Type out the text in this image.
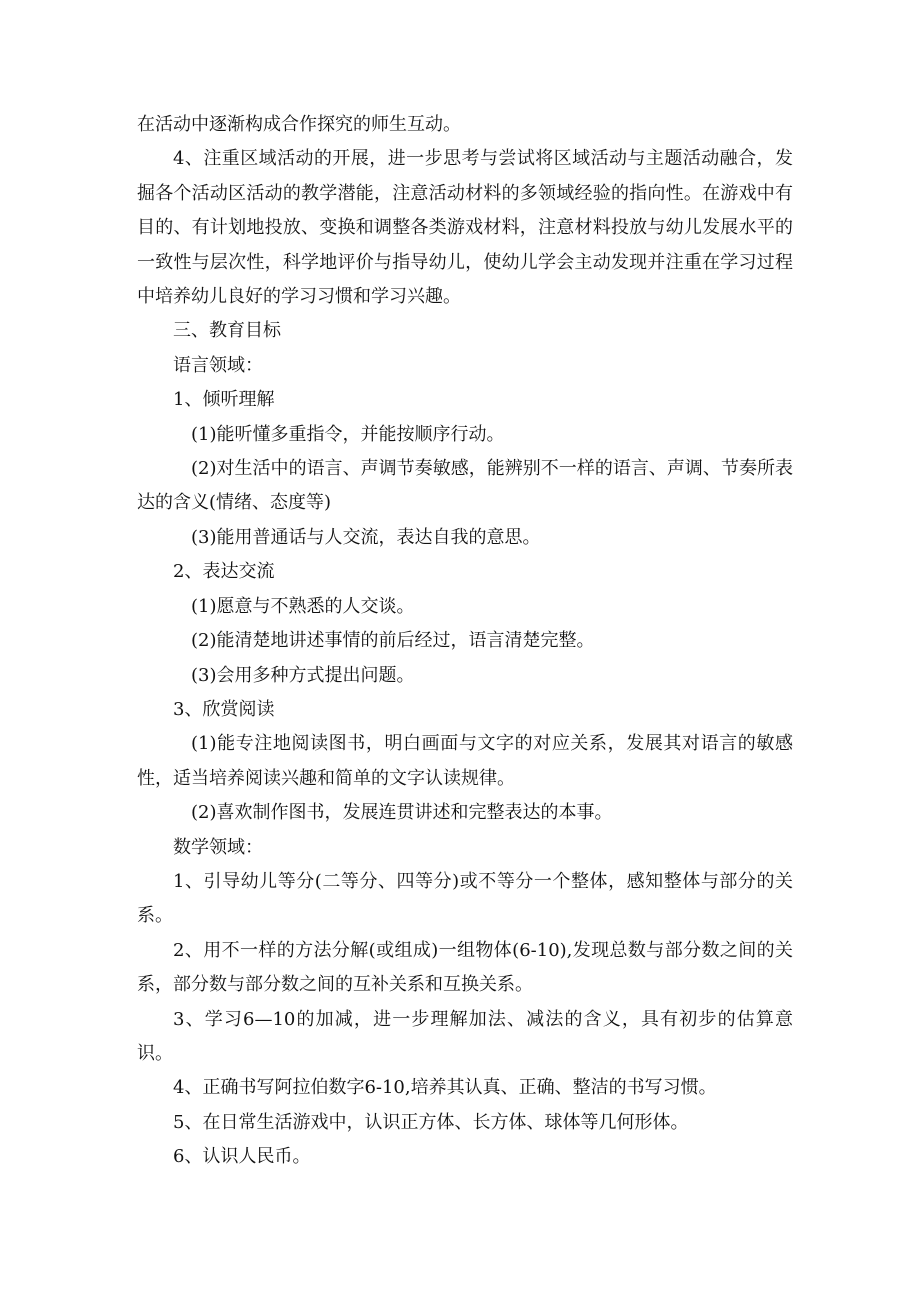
在活动中逐渐构成合作探究的师生互动。

4、注重区域活动的开展，进一步思考与尝试将区域活动与主题活动融合，发掘各个活动区活动的教学潜能，注意活动材料的多领域经验的指向性。在游戏中有目的、有计划地投放、变换和调整各类游戏材料，注意材料投放与幼儿发展水平的一致性与层次性，科学地评价与指导幼儿，使幼儿学会主动发现并注重在学习过程中培养幼儿良好的学习习惯和学习兴趣。

三、教育目标

语言领域：

1、倾听理解

(1)能听懂多重指令，并能按顺序行动。

(2)对生活中的语言、声调节奏敏感，能辨别不一样的语言、声调、节奏所表达的含义(情绪、态度等)

(3)能用普通话与人交流，表达自我的意思。

2、表达交流

(1)愿意与不熟悉的人交谈。

(2)能清楚地讲述事情的前后经过，语言清楚完整。

(3)会用多种方式提出问题。

3、欣赏阅读

(1)能专注地阅读图书，明白画面与文字的对应关系，发展其对语言的敏感性，适当培养阅读兴趣和简单的文字认读规律。

(2)喜欢制作图书，发展连贯讲述和完整表达的本事。

数学领域：

1、引导幼儿等分(二等分、四等分)或不等分一个整体，感知整体与部分的关系。

2、用不一样的方法分解(或组成)一组物体(6-10),发现总数与部分数之间的关系，部分数与部分数之间的互补关系和互换关系。

3、学习6—10的加减，进一步理解加法、减法的含义，具有初步的估算意识。

4、正确书写阿拉伯数字6-10,培养其认真、正确、整洁的书写习惯。

5、在日常生活游戏中，认识正方体、长方体、球体等几何形体。

6、认识人民币。
